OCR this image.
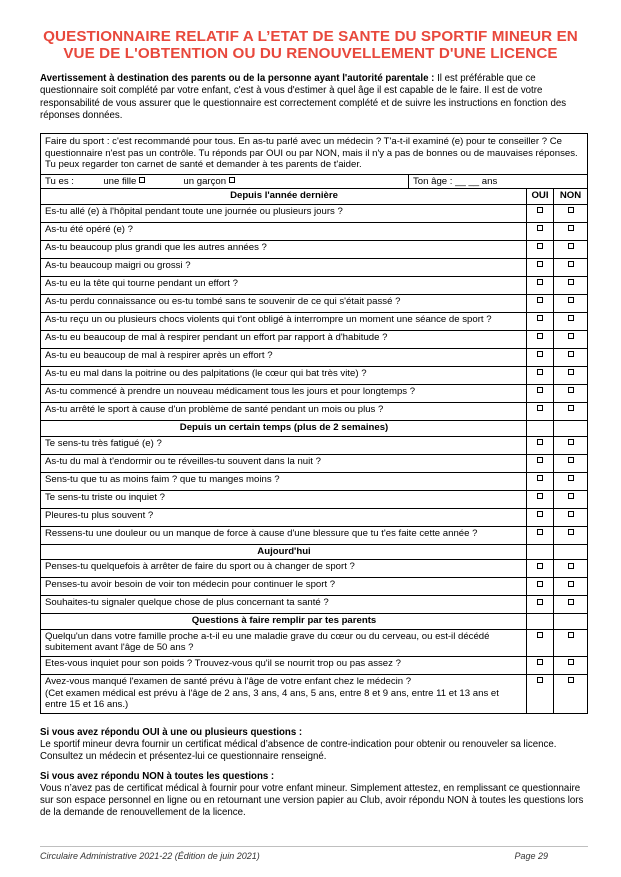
QUESTIONNAIRE RELATIF A L’ETAT DE SANTE DU SPORTIF MINEUR EN
VUE DE L'OBTENTION OU DU RENOUVELLEMENT D'UNE LICENCE
Avertissement à destination des parents ou de la personne ayant l'autorité parentale : Il est préférable que ce questionnaire soit complété par votre enfant, c'est à vous d'estimer à quel âge il est capable de le faire. Il est de votre responsabilité de vous assurer que le questionnaire est correctement complété et de suivre les instructions en fonction des réponses données.
Faire du sport : c'est recommandé pour tous. En as-tu parlé avec un médecin ? T'a-t-il examiné (e) pour te conseiller ? Ce questionnaire n'est pas un contrôle. Tu réponds par OUI ou par NON, mais il n'y a pas de bonnes ou de mauvaises réponses. Tu peux regarder ton carnet de santé et demander à tes parents de t'aider.		

Tu es : une fille un garçon Ton âge : __ __ ans		

Depuis l'année dernière	OUI	NON
Es-tu allé (e) à l'hôpital pendant toute une journée ou plusieurs jours ?		
As-tu été opéré (e) ?		
As-tu beaucoup plus grandi que les autres années ?		
As-tu beaucoup maigri ou grossi ?		
As-tu eu la tête qui tourne pendant un effort ?		
As-tu perdu connaissance ou es-tu tombé sans te souvenir de ce qui s'était passé ?		
As-tu reçu un ou plusieurs chocs violents qui t'ont obligé à interrompre un moment une séance de sport ?		
As-tu eu beaucoup de mal à respirer pendant un effort par rapport à d'habitude ?		
As-tu eu beaucoup de mal à respirer après un effort ?		
As-tu eu mal dans la poitrine ou des palpitations (le cœur qui bat très vite) ?		
As-tu commencé à prendre un nouveau médicament tous les jours et pour longtemps ?		
As-tu arrêté le sport à cause d'un problème de santé pendant un mois ou plus ?		
Depuis un certain temps (plus de 2 semaines)		
Te sens-tu très fatigué (e) ?		
As-tu du mal à t'endormir ou te réveilles-tu souvent dans la nuit ?		
Sens-tu que tu as moins faim ? que tu manges moins ?		
Te sens-tu triste ou inquiet ?		
Pleures-tu plus souvent ?		
Ressens-tu une douleur ou un manque de force à cause d'une blessure que tu t'es faite cette année ?		
Aujourd'hui		
Penses-tu quelquefois à arrêter de faire du sport ou à changer de sport ?		
Penses-tu avoir besoin de voir ton médecin pour continuer le sport ?		
Souhaites-tu signaler quelque chose de plus concernant ta santé ?		
Questions à faire remplir par tes parents		
Quelqu'un dans votre famille proche a-t-il eu une maladie grave du cœur ou du cerveau, ou est-il décédé subitement avant l'âge de 50 ans ?		
Etes-vous inquiet pour son poids ? Trouvez-vous qu'il se nourrit trop ou pas assez ?		
Avez-vous manqué l'examen de santé prévu à l'âge de votre enfant chez le médecin ?
(Cet examen médical est prévu à l'âge de 2 ans, 3 ans, 4 ans, 5 ans, entre 8 et 9 ans, entre 11 et 13 ans et entre 15 et 16 ans.)		

Si vous avez répondu OUI à une ou plusieurs questions :

Le sportif mineur devra fournir un certificat médical d’absence de contre-indication pour obtenir ou renouveler sa licence. Consultez un médecin et présentez-lui ce questionnaire renseigné.

Si vous avez répondu NON à toutes les questions :

Vous n’avez pas de certificat médical à fournir pour votre enfant mineur. Simplement attestez, en remplissant ce questionnaire sur son espace personnel en ligne ou en retournant une version papier au Club, avoir répondu NON à toutes les questions lors de la demande de renouvellement de la licence.

Circulaire Administrative 2021-22 (Édition de juin 2021)	Page 29
